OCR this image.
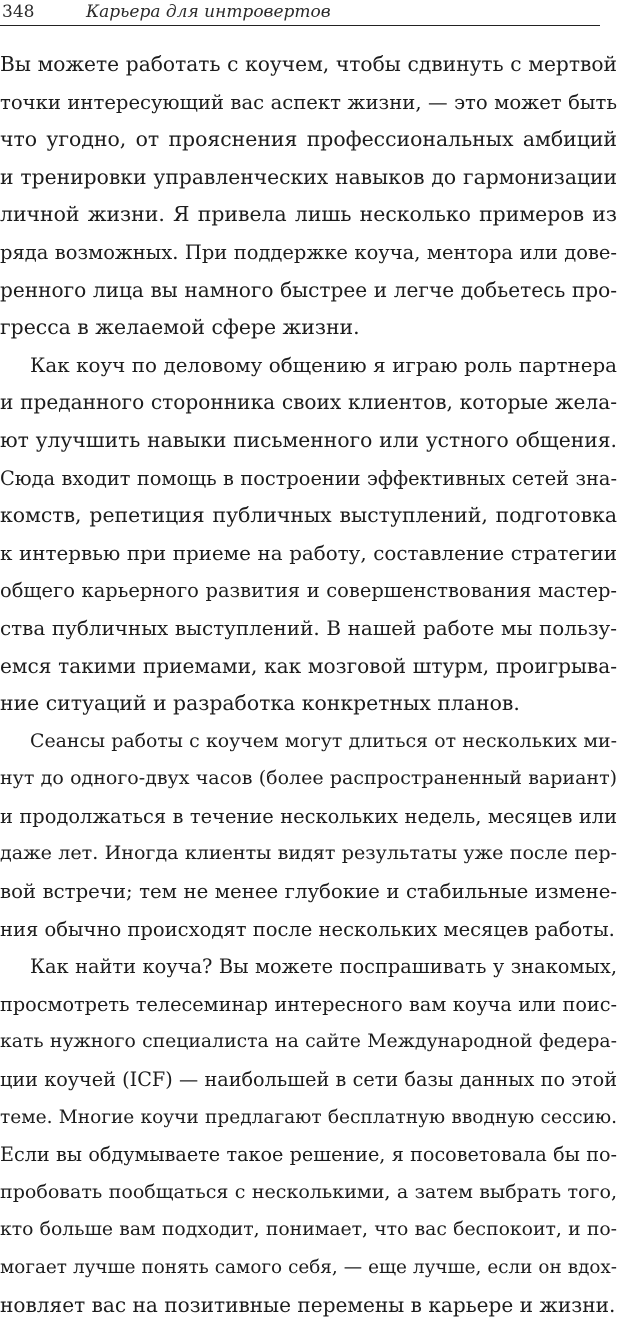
348	Карьера для интровертов

Вы можете работать с коучем, чтобы сдвинуть с мертвой
точки интересующий вас аспект жизни, — это может быть
что угодно, от прояснения профессиональных амбиций
и тренировки управленческих навыков до гармонизации
личной жизни. Я привела лишь несколько примеров из
ряда возможных. При поддержке коуча, ментора или дове-
ренного лица вы намного быстрее и легче добьетесь про-
гресса в желаемой сфере жизни.

Как коуч по деловому общению я играю роль партнера
и преданного сторонника своих клиентов, которые жела-
ют улучшить навыки письменного или устного общения.
Сюда входит помощь в построении эффективных сетей зна-
комств, репетиция публичных выступлений, подготовка
к интервью при приеме на работу, составление стратегии
общего карьерного развития и совершенствования мастер-
ства публичных выступлений. В нашей работе мы пользу-
емся такими приемами, как мозговой штурм, проигрыва-
ние ситуаций и разработка конкретных планов.

Сеансы работы с коучем могут длиться от нескольких ми-
нут до одного-двух часов (более распространенный вариант)
и продолжаться в течение нескольких недель, месяцев или
даже лет. Иногда клиенты видят результаты уже после пер-
вой встречи; тем не менее глубокие и стабильные измене-
ния обычно происходят после нескольких месяцев работы.

Как найти коуча? Вы можете поспрашивать у знакомых,
просмотреть телесеминар интересного вам коуча или поис-
кать нужного специалиста на сайте Международной федера-
ции коучей (ICF) — наибольшей в сети базы данных по этой
теме. Многие коучи предлагают бесплатную вводную сессию.
Если вы обдумываете такое решение, я посоветовала бы по-
пробовать пообщаться с несколькими, а затем выбрать того,
кто больше вам подходит, понимает, что вас беспокоит, и по-
могает лучше понять самого себя, — еще лучше, если он вдох-
новляет вас на позитивные перемены в карьере и жизни.
